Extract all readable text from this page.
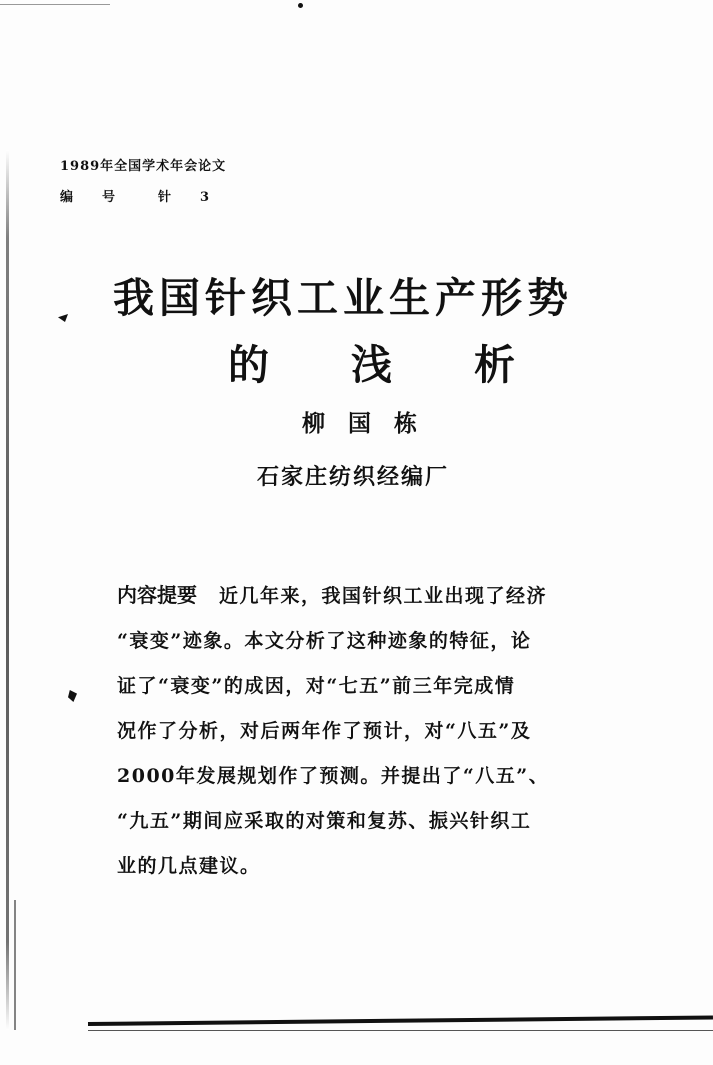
1989年全国学术年会论文
编　　号　　　针　　3
我国针织工业生产形势
的　　浅　　析
柳　国　栋
石家庄纺织经编厂
内容提要 近几年来，我国针织工业出现了经济
“衰变”迹象。本文分析了这种迹象的特征，论
证了“衰变”的成因，对“七五”前三年完成情
况作了分析，对后两年作了预计，对“八五”及
2000年发展规划作了预测。并提出了“八五”、
“九五”期间应采取的对策和复苏、振兴针织工
业的几点建议。
